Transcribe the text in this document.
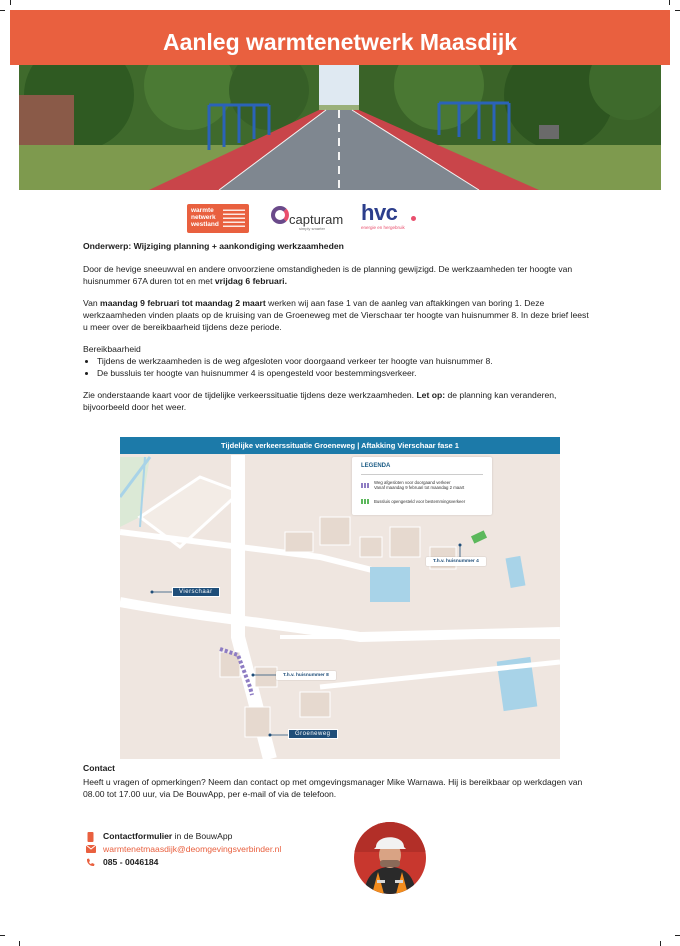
Aanleg warmtenetwerk Maasdijk
warmte
netwerk
westland	capturam
simply smarter
hvc
energie en hergebruik

Onderwerp: Wijziging planning + aankondiging werkzaamheden

Door de hevige sneeuwval en andere onvoorziene omstandigheden is de planning gewijzigd. De werkzaamheden ter hoogte van huisnummer 67A duren tot en met vrijdag 6 februari.

Van maandag 9 februari tot maandag 2 maart werken wij aan fase 1 van de aanleg van aftakkingen van boring 1. Deze werkzaamheden vinden plaats op de kruising van de Groeneweg met de Vierschaar ter hoogte van huisnummer 8. In deze brief leest u meer over de bereikbaarheid tijdens deze periode.

Bereikbaarheid
• Tijdens de werkzaamheden is de weg afgesloten voor doorgaand verkeer ter hoogte van huisnummer 8.
• De bussluis ter hoogte van huisnummer 4 is opengesteld voor bestemmingsverkeer.

Zie onderstaande kaart voor de tijdelijke verkeerssituatie tijdens deze werkzaamheden. Let op: de planning kan veranderen, bijvoorbeeld door het weer.

Tijdelijke verkeerssituatie Groeneweg | Aftakking Vierschaar fase 1
LEGENDA
Weg afgesloten voor doorgaand verkeer
Vanaf maandag 9 februari tot maandag 2 maart
Bussluis opengesteld voor bestemmingsverkeer
Vierschaar
Groeneweg
T.h.v. huisnummer 4
T.h.v. huisnummer 8
Contact
Heeft u vragen of opmerkingen? Neem dan contact op met omgevingsmanager Mike Warnawa. Hij is bereikbaar op werkdagen van 08.00 tot 17.00 uur, via De BouwApp, per e-mail of via de telefoon.
Contactformulier in de BouwApp
warmtenetmaasdijk@deomgevingsverbinder.nl
085 - 0046184
